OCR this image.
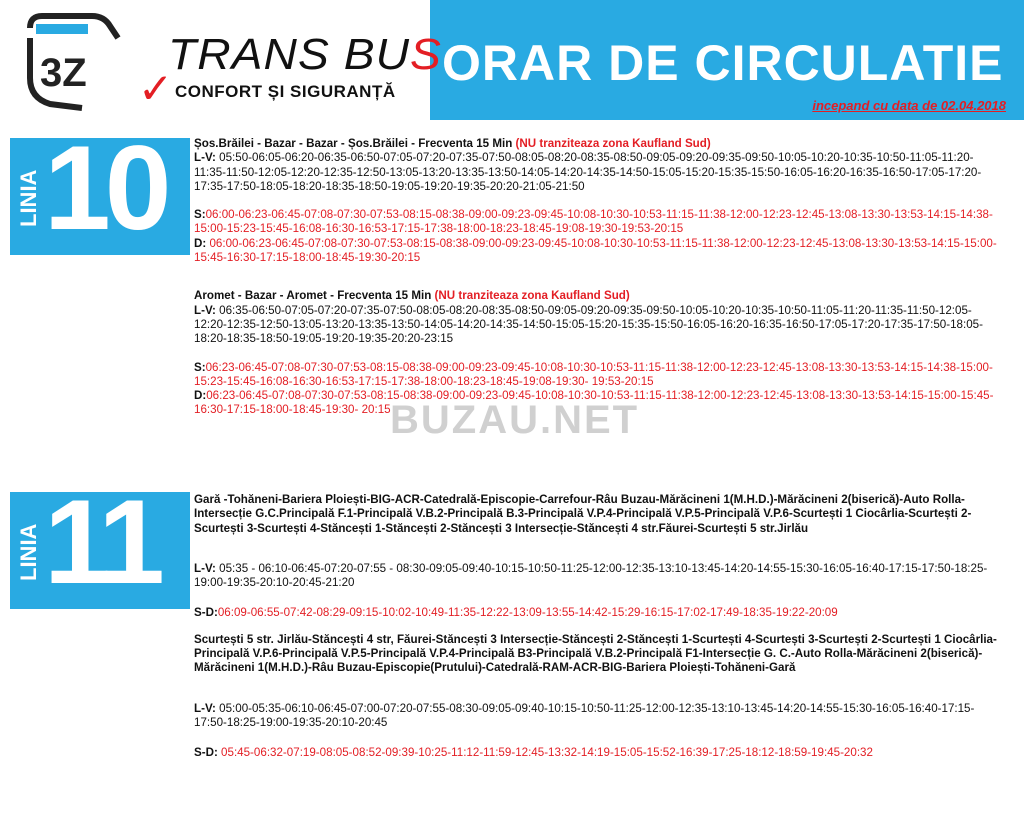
3Z ✓
TRANS BUS
CONFORT ȘI SIGURANȚĂ
ORAR DE CIRCULATIE
incepand cu data de 02.04.2018
LINIA 10 Șos.Brăilei - Bazar - Bazar - Șos.Brăilei - Frecventa 15 Min (NU tranziteaza zona Kaufland Sud)
L-V: 05:50-06:05-06:20-06:35-06:50-07:05-07:20-07:35-07:50-08:05-08:20-08:35-08:50-09:05-09:20-09:35-09:50-10:05-10:20-10:35-10:50-11:05-11:20-11:35-11:50-12:05-12:20-12:35-12:50-13:05-13:20-13:35-13:50-14:05-14:20-14:35-14:50-15:05-15:20-15:35-15:50-16:05-16:20-16:35-16:50-17:05-17:20-17:35-17:50-18:05-18:20-18:35-18:50-19:05-19:20-19:35-20:20-21:05-21:50
S:06:00-06:23-06:45-07:08-07:30-07:53-08:15-08:38-09:00-09:23-09:45-10:08-10:30-10:53-11:15-11:38-12:00-12:23-12:45-13:08-13:30-13:53-14:15-14:38-15:00-15:23-15:45-16:08-16:30-16:53-17:15-17:38-18:00-18:23-18:45-19:08-19:30-19:53-20:15
D: 06:00-06:23-06:45-07:08-07:30-07:53-08:15-08:38-09:00-09:23-09:45-10:08-10:30-10:53-11:15-11:38-12:00-12:23-12:45-13:08-13:30-13:53-14:15-15:00-15:45-16:30-17:15-18:00-18:45-19:30-20:15
Aromet - Bazar - Aromet - Frecventa 15 Min (NU tranziteaza zona Kaufland Sud)
L-V: 06:35-06:50-07:05-07:20-07:35-07:50-08:05-08:20-08:35-08:50-09:05-09:20-09:35-09:50-10:05-10:20-10:35-10:50-11:05-11:20-11:35-11:50-12:05-12:20-12:35-12:50-13:05-13:20-13:35-13:50-14:05-14:20-14:35-14:50-15:05-15:20-15:35-15:50-16:05-16:20-16:35-16:50-17:05-17:20-17:35-17:50-18:05-18:20-18:35-18:50-19:05-19:20-19:35-20:20-23:15
S:06:23-06:45-07:08-07:30-07:53-08:15-08:38-09:00-09:23-09:45-10:08-10:30-10:53-11:15-11:38-12:00-12:23-12:45-13:08-13:30-13:53-14:15-14:38-15:00-15:23-15:45-16:08-16:30-16:53-17:15-17:38-18:00-18:23-18:45-19:08-19:30- 19:53-20:15
D:06:23-06:45-07:08-07:30-07:53-08:15-08:38-09:00-09:23-09:45-10:08-10:30-10:53-11:15-11:38-12:00-12:23-12:45-13:08-13:30-13:53-14:15-15:00-15:45-16:30-17:15-18:00-18:45-19:30- 20:15 BUZAU.NET
LINIA 11	Gară -Tohăneni-Bariera Ploiești-BIG-ACR-Catedrală-Episcopie-Carrefour-Râu Buzau-Mărăcineni 1(M.H.D.)-Mărăcineni 2(biserică)-Auto Rolla-Intersecție G.C.Principală F.1-Principală V.B.2-Principală B.3-Principală V.P.4-Principală V.P.5-Principală V.P.6-Scurtești 1 Ciocârlia-Scurtești 2-Scurtești 3-Scurtești 4-Stăncești 1-Stăncești 2-Stăncești 3 Intersecție-Stăncești 4 str.Făurei-Scurtești 5 str.Jirlău
L-V: 05:35 - 06:10-06:45-07:20-07:55 - 08:30-09:05-09:40-10:15-10:50-11:25-12:00-12:35-13:10-13:45-14:20-14:55-15:30-16:05-16:40-17:15-17:50-18:25-19:00-19:35-20:10-20:45-21:20
S-D:06:09-06:55-07:42-08:29-09:15-10:02-10:49-11:35-12:22-13:09-13:55-14:42-15:29-16:15-17:02-17:49-18:35-19:22-20:09
Scurtești 5 str. Jirlău-Stăncești 4 str, Făurei-Stăncești 3 Intersecție-Stăncești 2-Stăncești 1-Scurtești 4-Scurtești 3-Scurtești 2-Scurtești 1 Ciocârlia-Principală V.P.6-Principală V.P.5-Principală V.P.4-Principală B3-Principală V.B.2-Principală F1-Intersecție G. C.-Auto Rolla-Mărăcineni 2(biserică)-Mărăcineni 1(M.H.D.)-Râu Buzau-Episcopie(Prutului)-Catedrală-RAM-ACR-BIG-Bariera Ploiești-Tohăneni-Gară
L-V: 05:00-05:35-06:10-06:45-07:00-07:20-07:55-08:30-09:05-09:40-10:15-10:50-11:25-12:00-12:35-13:10-13:45-14:20-14:55-15:30-16:05-16:40-17:15-17:50-18:25-19:00-19:35-20:10-20:45
S-D: 05:45-06:32-07:19-08:05-08:52-09:39-10:25-11:12-11:59-12:45-13:32-14:19-15:05-15:52-16:39-17:25-18:12-18:59-19:45-20:32
